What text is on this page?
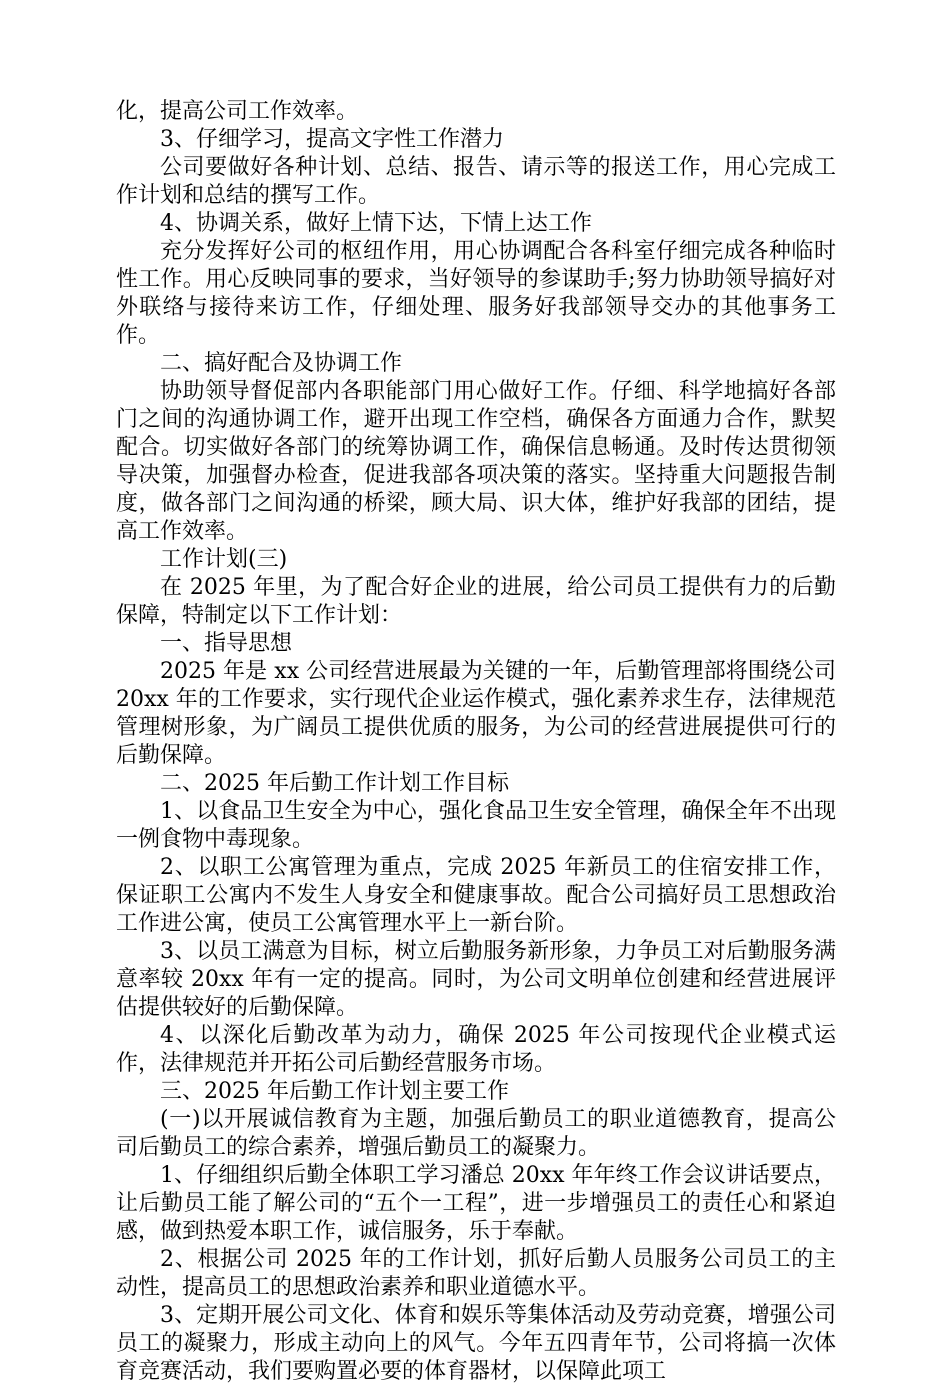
化，提高公司工作效率。

3、仔细学习，提高文字性工作潜力

公司要做好各种计划、总结、报告、请示等的报送工作，用心完成工作计划和总结的撰写工作。

4、协调关系，做好上情下达，下情上达工作

充分发挥好公司的枢纽作用，用心协调配合各科室仔细完成各种临时性工作。用心反映同事的要求，当好领导的参谋助手;努力协助领导搞好对外联络与接待来访工作，仔细处理、服务好我部领导交办的其他事务工作。

二、搞好配合及协调工作

协助领导督促部内各职能部门用心做好工作。仔细、科学地搞好各部门之间的沟通协调工作，避开出现工作空档，确保各方面通力合作，默契配合。切实做好各部门的统筹协调工作，确保信息畅通。及时传达贯彻领导决策，加强督办检查，促进我部各项决策的落实。坚持重大问题报告制度，做各部门之间沟通的桥梁，顾大局、识大体，维护好我部的团结，提高工作效率。

工作计划(三)

在 2025 年里，为了配合好企业的进展，给公司员工提供有力的后勤保障，特制定以下工作计划：

一、指导思想

2025 年是 xx 公司经营进展最为关键的一年，后勤管理部将围绕公司 20xx 年的工作要求，实行现代企业运作模式，强化素养求生存，法律规范管理树形象，为广阔员工提供优质的服务，为公司的经营进展提供可行的后勤保障。

二、2025 年后勤工作计划工作目标

1、以食品卫生安全为中心，强化食品卫生安全管理，确保全年不出现一例食物中毒现象。

2、以职工公寓管理为重点，完成 2025 年新员工的住宿安排工作，保证职工公寓内不发生人身安全和健康事故。配合公司搞好员工思想政治工作进公寓，使员工公寓管理水平上一新台阶。

3、以员工满意为目标，树立后勤服务新形象，力争员工对后勤服务满意率较 20xx 年有一定的提高。同时，为公司文明单位创建和经营进展评估提供较好的后勤保障。

4、以深化后勤改革为动力，确保 2025 年公司按现代企业模式运作，法律规范并开拓公司后勤经营服务市场。

三、2025 年后勤工作计划主要工作

(一)以开展诚信教育为主题，加强后勤员工的职业道德教育，提高公司后勤员工的综合素养，增强后勤员工的凝聚力。

1、仔细组织后勤全体职工学习潘总 20xx 年年终工作会议讲话要点，让后勤员工能了解公司的“五个一工程”，进一步增强员工的责任心和紧迫感，做到热爱本职工作，诚信服务，乐于奉献。

2、根据公司 2025 年的工作计划，抓好后勤人员服务公司员工的主动性，提高员工的思想政治素养和职业道德水平。

3、定期开展公司文化、体育和娱乐等集体活动及劳动竞赛，增强公司员工的凝聚力，形成主动向上的风气。今年五四青年节，公司将搞一次体育竞赛活动，我们要购置必要的体育器材，以保障此项工
